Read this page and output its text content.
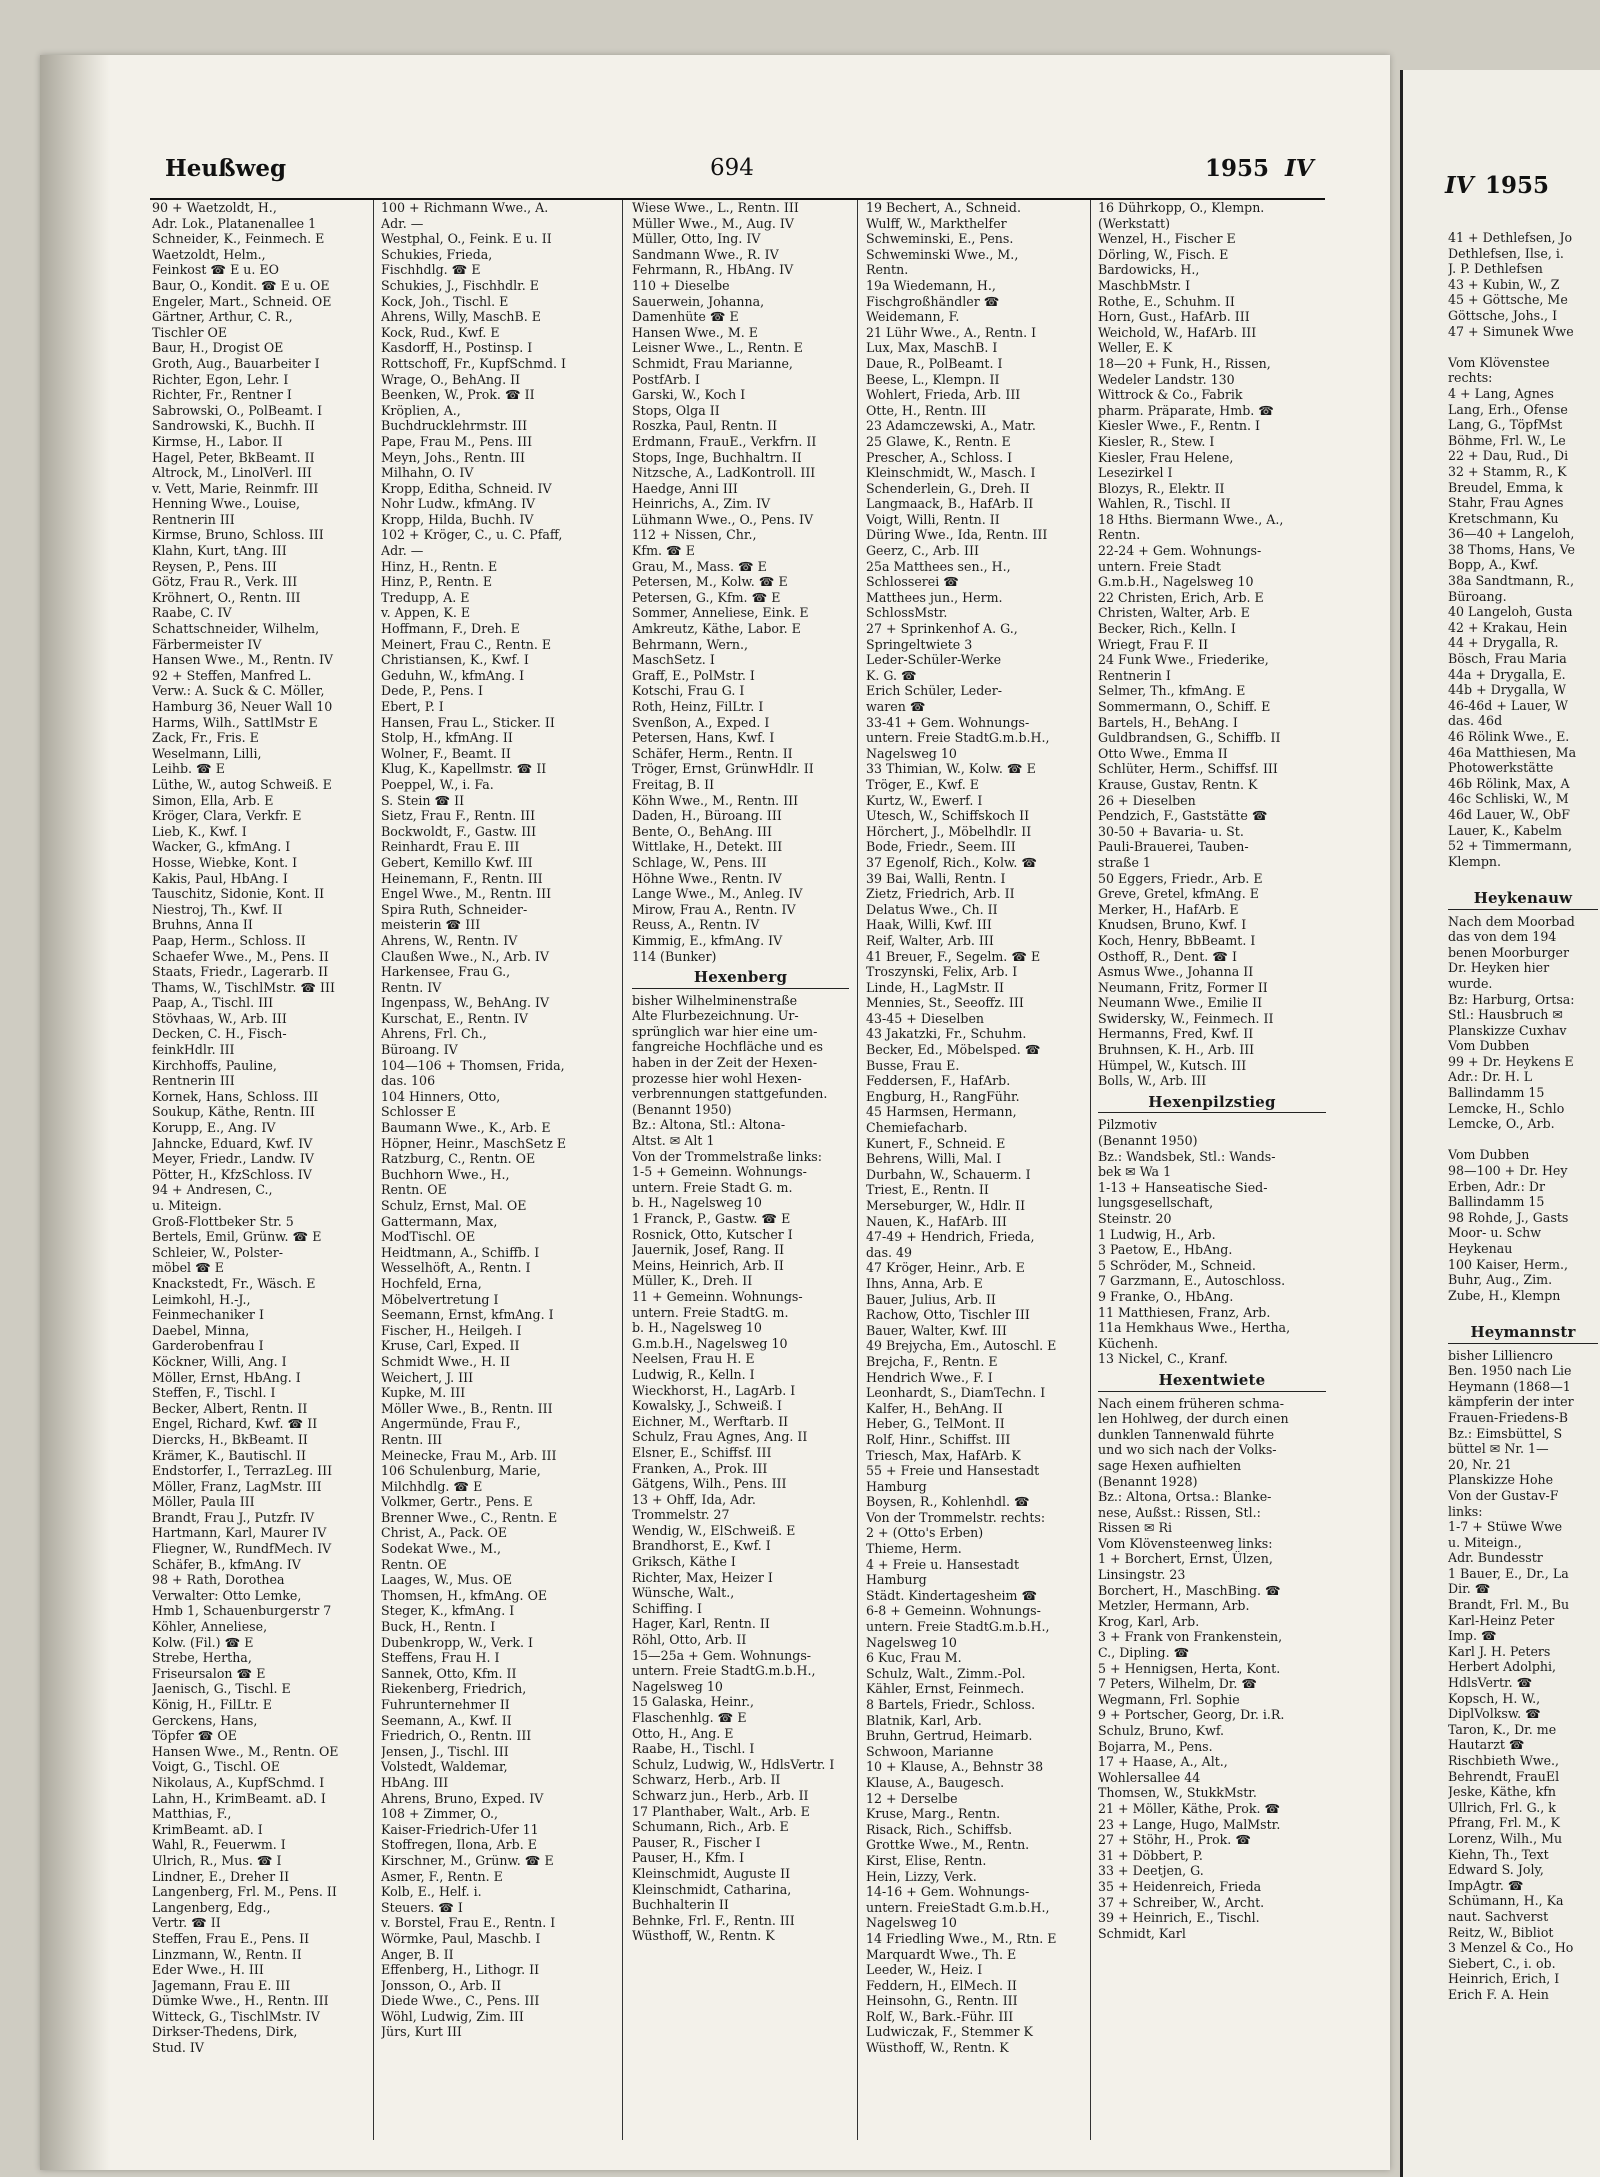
Heußweg	694	1955 IV
IV 1955
90 + Waetzoldt, H.,
Adr. Lok., Platanenallee 1
Schneider, K., Feinmech. E
Waetzoldt, Helm.,
Feinkost ☎ E u. EO
Baur, O., Kondit. ☎ E u. OE
Engeler, Mart., Schneid. OE
Gärtner, Arthur, C. R.,
Tischler OE
Baur, H., Drogist OE
Groth, Aug., Bauarbeiter I
Richter, Egon, Lehr. I
Richter, Fr., Rentner I
Sabrowski, O., PolBeamt. I
Sandrowski, K., Buchh. II
Kirmse, H., Labor. II
Hagel, Peter, BkBeamt. II
Altrock, M., LinolVerl. III
v. Vett, Marie, Reinmfr. III
Henning Wwe., Louise,
Rentnerin III
Kirmse, Bruno, Schloss. III
Klahn, Kurt, tAng. III
Reysen, P., Pens. III
Götz, Frau R., Verk. III
Kröhnert, O., Rentn. III
Raabe, C. IV
Schattschneider, Wilhelm,
Färbermeister IV
Hansen Wwe., M., Rentn. IV
92 + Steffen, Manfred L.
Verw.: A. Suck & C. Möller,
Hamburg 36, Neuer Wall 10
Harms, Wilh., SattlMstr E
Zack, Fr., Fris. E
Weselmann, Lilli,
Leihb. ☎ E
Lüthe, W., autog Schweiß. E
Simon, Ella, Arb. E
Kröger, Clara, Verkfr. E
Lieb, K., Kwf. I
Wacker, G., kfmAng. I
Hosse, Wiebke, Kont. I
Kakis, Paul, HbAng. I
Tauschitz, Sidonie, Kont. II
Niestroj, Th., Kwf. II
Bruhns, Anna II
Paap, Herm., Schloss. II
Schaefer Wwe., M., Pens. II
Staats, Friedr., Lagerarb. II
Thams, W., TischlMstr. ☎ III
Paap, A., Tischl. III
Stövhaas, W., Arb. III
Decken, C. H., Fisch-
feinkHdlr. III
Kirchhoffs, Pauline,
Rentnerin III
Kornek, Hans, Schloss. III
Soukup, Käthe, Rentn. III
Korupp, E., Ang. IV
Jahncke, Eduard, Kwf. IV
Meyer, Friedr., Landw. IV
Pötter, H., KfzSchloss. IV
94 + Andresen, C.,
u. Miteign.
Groß-Flottbeker Str. 5
Bertels, Emil, Grünw. ☎ E
Schleier, W., Polster-
möbel ☎ E
Knackstedt, Fr., Wäsch. E
Leimkohl, H.-J.,
Feinmechaniker I
Daebel, Minna,
Garderobenfrau I
Köckner, Willi, Ang. I
Möller, Ernst, HbAng. I
Steffen, F., Tischl. I
Becker, Albert, Rentn. II
Engel, Richard, Kwf. ☎ II
Diercks, H., BkBeamt. II
Krämer, K., Bautischl. II
Endstorfer, I., TerrazLeg. III
Möller, Franz, LagMstr. III
Möller, Paula III
Brandt, Frau J., Putzfr. IV
Hartmann, Karl, Maurer IV
Fliegner, W., RundfMech. IV
Schäfer, B., kfmAng. IV
98 + Rath, Dorothea
Verwalter: Otto Lemke,
Hmb 1, Schauenburgerstr 7
Köhler, Anneliese,
Kolw. (Fil.) ☎ E
Strebe, Hertha,
Friseursalon ☎ E
Jaenisch, G., Tischl. E
König, H., FilLtr. E
Gerckens, Hans,
Töpfer ☎ OE
Hansen Wwe., M., Rentn. OE
Voigt, G., Tischl. OE
Nikolaus, A., KupfSchmd. I
Lahn, H., KrimBeamt. aD. I
Matthias, F.,
KrimBeamt. aD. I
Wahl, R., Feuerwm. I
Ulrich, R., Mus. ☎ I
Lindner, E., Dreher II
Langenberg, Frl. M., Pens. II
Langenberg, Edg.,
Vertr. ☎ II
Steffen, Frau E., Pens. II
Linzmann, W., Rentn. II
Eder Wwe., H. III
Jagemann, Frau E. III
Dümke Wwe., H., Rentn. III
Witteck, G., TischlMstr. IV
Dirkser-Thedens, Dirk,
Stud. IV
100 + Richmann Wwe., A.
Adr. —
Westphal, O., Feink. E u. II
Schukies, Frieda,
Fischhdlg. ☎ E
Schukies, J., Fischhdlr. E
Kock, Joh., Tischl. E
Ahrens, Willy, MaschB. E
Kock, Rud., Kwf. E
Kasdorff, H., Postinsp. I
Rottschoff, Fr., KupfSchmd. I
Wrage, O., BehAng. II
Beenken, W., Prok. ☎ II
Kröplien, A.,
Buchdrucklehrmstr. III
Pape, Frau M., Pens. III
Meyn, Johs., Rentn. III
Milhahn, O. IV
Kropp, Editha, Schneid. IV
Nohr Ludw., kfmAng. IV
Kropp, Hilda, Buchh. IV
102 + Kröger, C., u. C. Pfaff,
Adr. —
Hinz, H., Rentn. E
Hinz, P., Rentn. E
Tredupp, A. E
v. Appen, K. E
Hoffmann, F., Dreh. E
Meinert, Frau C., Rentn. E
Christiansen, K., Kwf. I
Geduhn, W., kfmAng. I
Dede, P., Pens. I
Ebert, P. I
Hansen, Frau L., Sticker. II
Stolp, H., kfmAng. II
Wolner, F., Beamt. II
Klug, K., Kapellmstr. ☎ II
Poeppel, W., i. Fa.
S. Stein ☎ II
Sietz, Frau F., Rentn. III
Bockwoldt, F., Gastw. III
Reinhardt, Frau E. III
Gebert, Kemillo Kwf. III
Heinemann, F., Rentn. III
Engel Wwe., M., Rentn. III
Spira Ruth, Schneider-
meisterin ☎ III
Ahrens, W., Rentn. IV
Claußen Wwe., N., Arb. IV
Harkensee, Frau G.,
Rentn. IV
Ingenpass, W., BehAng. IV
Kurschat, E., Rentn. IV
Ahrens, Frl. Ch.,
Büroang. IV
104—106 + Thomsen, Frida,
das. 106
104 Hinners, Otto,
Schlosser E
Baumann Wwe., K., Arb. E
Höpner, Heinr., MaschSetz E
Ratzburg, C., Rentn. OE
Buchhorn Wwe., H.,
Rentn. OE
Schulz, Ernst, Mal. OE
Gattermann, Max,
ModTischl. OE
Heidtmann, A., Schiffb. I
Wesselhöft, A., Rentn. I
Hochfeld, Erna,
Möbelvertretung I
Seemann, Ernst, kfmAng. I
Fischer, H., Heilgeh. I
Kruse, Carl, Exped. II
Schmidt Wwe., H. II
Weichert, J. III
Kupke, M. III
Möller Wwe., B., Rentn. III
Angermünde, Frau F.,
Rentn. III
Meinecke, Frau M., Arb. III
106 Schulenburg, Marie,
Milchhdlg. ☎ E
Volkmer, Gertr., Pens. E
Brenner Wwe., C., Rentn. E
Christ, A., Pack. OE
Sodekat Wwe., M.,
Rentn. OE
Laages, W., Mus. OE
Thomsen, H., kfmAng. OE
Steger, K., kfmAng. I
Buck, H., Rentn. I
Dubenkropp, W., Verk. I
Steffens, Frau H. I
Sannek, Otto, Kfm. II
Riekenberg, Friedrich,
Fuhrunternehmer II
Seemann, A., Kwf. II
Friedrich, O., Rentn. III
Jensen, J., Tischl. III
Volstedt, Waldemar,
HbAng. III
Ahrens, Bruno, Exped. IV
108 + Zimmer, O.,
Kaiser-Friedrich-Ufer 11
Stoffregen, Ilona, Arb. E
Kirschner, M., Grünw. ☎ E
Asmer, F., Rentn. E
Kolb, E., Helf. i.
Steuers. ☎ I
v. Borstel, Frau E., Rentn. I
Wörmke, Paul, Maschb. I
Anger, B. II
Effenberg, H., Lithogr. II
Jonsson, O., Arb. II
Diede Wwe., C., Pens. III
Wöhl, Ludwig, Zim. III
Jürs, Kurt III
Wiese Wwe., L., Rentn. III
Müller Wwe., M., Aug. IV
Müller, Otto, Ing. IV
Sandmann Wwe., R. IV
Fehrmann, R., HbAng. IV
110 + Dieselbe
Sauerwein, Johanna,
Damenhüte ☎ E
Hansen Wwe., M. E
Leisner Wwe., L., Rentn. E
Schmidt, Frau Marianne,
PostfArb. I
Garski, W., Koch I
Stops, Olga II
Roszka, Paul, Rentn. II
Erdmann, FrauE., Verkfrn. II
Stops, Inge, Buchhaltrn. II
Nitzsche, A., LadKontroll. III
Haedge, Anni III
Heinrichs, A., Zim. IV
Lühmann Wwe., O., Pens. IV
112 + Nissen, Chr.,
Kfm. ☎ E
Grau, M., Mass. ☎ E
Petersen, M., Kolw. ☎ E
Petersen, G., Kfm. ☎ E
Sommer, Anneliese, Eink. E
Amkreutz, Käthe, Labor. E
Behrmann, Wern.,
MaschSetz. I
Graff, E., PolMstr. I
Kotschi, Frau G. I
Roth, Heinz, FilLtr. I
Svenßon, A., Exped. I
Petersen, Hans, Kwf. I
Schäfer, Herm., Rentn. II
Tröger, Ernst, GrünwHdlr. II
Freitag, B. II
Köhn Wwe., M., Rentn. III
Daden, H., Büroang. III
Bente, O., BehAng. III
Wittlake, H., Detekt. III
Schlage, W., Pens. III
Höhne Wwe., Rentn. IV
Lange Wwe., M., Anleg. IV
Mirow, Frau A., Rentn. IV
Reuss, A., Rentn. IV
Kimmig, E., kfmAng. IV
114 (Bunker)
Hexenberg
bisher Wilhelminenstraße
Alte Flurbezeichnung. Ur-
sprünglich war hier eine um-
fangreiche Hochfläche und es
haben in der Zeit der Hexen-
prozesse hier wohl Hexen-
verbrennungen stattgefunden.
(Benannt 1950)
Bz.: Altona, Stl.: Altona-
Altst. ✉ Alt 1
Von der Trommelstraße links:
1-5 + Gemeinn. Wohnungs-
untern. Freie Stadt G. m.
b. H., Nagelsweg 10
1 Franck, P., Gastw. ☎ E
Rosnick, Otto, Kutscher I
Jauernik, Josef, Rang. II
Meins, Heinrich, Arb. II
Müller, K., Dreh. II
11 + Gemeinn. Wohnungs-
untern. Freie StadtG. m.
b. H., Nagelsweg 10
G.m.b.H., Nagelsweg 10
Neelsen, Frau H. E
Ludwig, R., Kelln. I
Wieckhorst, H., LagArb. I
Kowalsky, J., Schweiß. I
Eichner, M., Werftarb. II
Schulz, Frau Agnes, Ang. II
Elsner, E., Schiffsf. III
Franken, A., Prok. III
Gätgens, Wilh., Pens. III
13 + Ohff, Ida, Adr.
Trommelstr. 27
Wendig, W., ElSchweiß. E
Brandhorst, E., Kwf. I
Griksch, Käthe I
Richter, Max, Heizer I
Wünsche, Walt.,
Schiffing. I
Hager, Karl, Rentn. II
Röhl, Otto, Arb. II
15—25a + Gem. Wohnungs-
untern. Freie StadtG.m.b.H.,
Nagelsweg 10
15 Galaska, Heinr.,
Flaschenhlg. ☎ E
Otto, H., Ang. E
Raabe, H., Tischl. I
Schulz, Ludwig, W., HdlsVertr. I
Schwarz, Herb., Arb. II
Schwarz jun., Herb., Arb. II
17 Planthaber, Walt., Arb. E
Schumann, Rich., Arb. E
Pauser, R., Fischer I
Pauser, H., Kfm. I
Kleinschmidt, Auguste II
Kleinschmidt, Catharina,
Buchhalterin II
Behnke, Frl. F., Rentn. III
Wüsthoff, W., Rentn. K
19 Bechert, A., Schneid.
Wulff, W., Markthelfer
Schweminski, E., Pens.
Schweminski Wwe., M.,
Rentn.
19a Wiedemann, H.,
Fischgroßhändler ☎
Weidemann, F.
21 Lühr Wwe., A., Rentn. I
Lux, Max, MaschB. I
Daue, R., PolBeamt. I
Beese, L., Klempn. II
Wohlert, Frieda, Arb. III
Otte, H., Rentn. III
23 Adamczewski, A., Matr.
25 Glawe, K., Rentn. E
Prescher, A., Schloss. I
Kleinschmidt, W., Masch. I
Schenderlein, G., Dreh. II
Langmaack, B., HafArb. II
Voigt, Willi, Rentn. II
Düring Wwe., Ida, Rentn. III
Geerz, C., Arb. III
25a Matthees sen., H.,
Schlosserei ☎
Matthees jun., Herm.
SchlossMstr.
27 + Sprinkenhof A. G.,
Springeltwiete 3
Leder-Schüler-Werke
K. G. ☎
Erich Schüler, Leder-
waren ☎
33-41 + Gem. Wohnungs-
untern. Freie StadtG.m.b.H.,
Nagelsweg 10
33 Thimian, W., Kolw. ☎ E
Tröger, E., Kwf. E
Kurtz, W., Ewerf. I
Utesch, W., Schiffskoch II
Hörchert, J., Möbelhdlr. II
Bode, Friedr., Seem. III
37 Egenolf, Rich., Kolw. ☎
39 Bai, Walli, Rentn. I
Zietz, Friedrich, Arb. II
Delatus Wwe., Ch. II
Haak, Willi, Kwf. III
Reif, Walter, Arb. III
41 Breuer, F., Segelm. ☎ E
Troszynski, Felix, Arb. I
Linde, H., LagMstr. II
Mennies, St., Seeoffz. III
43-45 + Dieselben
43 Jakatzki, Fr., Schuhm.
Becker, Ed., Möbelsped. ☎
Busse, Frau E.
Feddersen, F., HafArb.
Engburg, H., RangFühr.
45 Harmsen, Hermann,
Chemiefacharb.
Kunert, F., Schneid. E
Behrens, Willi, Mal. I
Durbahn, W., Schauerm. I
Triest, E., Rentn. II
Merseburger, W., Hdlr. II
Nauen, K., HafArb. III
47-49 + Hendrich, Frieda,
das. 49
47 Kröger, Heinr., Arb. E
Ihns, Anna, Arb. E
Bauer, Julius, Arb. II
Rachow, Otto, Tischler III
Bauer, Walter, Kwf. III
49 Brejycha, Em., Autoschl. E
Brejcha, F., Rentn. E
Hendrich Wwe., F. I
Leonhardt, S., DiamTechn. I
Kalfer, H., BehAng. II
Heber, G., TelMont. II
Rolf, Hinr., Schiffst. III
Triesch, Max, HafArb. K
55 + Freie und Hansestadt
Hamburg
Boysen, R., Kohlenhdl. ☎
Von der Trommelstr. rechts:
2 + (Otto's Erben)
Thieme, Herm.
4 + Freie u. Hansestadt
Hamburg
Städt. Kindertagesheim ☎
6-8 + Gemeinn. Wohnungs-
untern. Freie StadtG.m.b.H.,
Nagelsweg 10
6 Kuc, Frau M.
Schulz, Walt., Zimm.-Pol.
Kähler, Ernst, Feinmech.
8 Bartels, Friedr., Schloss.
Blatnik, Karl, Arb.
Bruhn, Gertrud, Heimarb.
Schwoon, Marianne
10 + Klause, A., Behnstr 38
Klause, A., Baugesch.
12 + Derselbe
Kruse, Marg., Rentn.
Risack, Rich., Schiffsb.
Grottke Wwe., M., Rentn.
Kirst, Elise, Rentn.
Hein, Lizzy, Verk.
14-16 + Gem. Wohnungs-
untern. FreieStadt G.m.b.H.,
Nagelsweg 10
14 Friedling Wwe., M., Rtn. E
Marquardt Wwe., Th. E
Leeder, W., Heiz. I
Feddern, H., ElMech. II
Heinsohn, G., Rentn. III
Rolf, W., Bark.-Führ. III
Ludwiczak, F., Stemmer K
Wüsthoff, W., Rentn. K
16 Dührkopp, O., Klempn.
(Werkstatt)
Wenzel, H., Fischer E
Dörling, W., Fisch. E
Bardowicks, H.,
MaschbMstr. I
Rothe, E., Schuhm. II
Horn, Gust., HafArb. III
Weichold, W., HafArb. III
Weller, E. K
18—20 + Funk, H., Rissen,
Wedeler Landstr. 130
Wittrock & Co., Fabrik
pharm. Präparate, Hmb. ☎
Kiesler Wwe., F., Rentn. I
Kiesler, R., Stew. I
Kiesler, Frau Helene,
Lesezirkel I
Blozys, R., Elektr. II
Wahlen, R., Tischl. II
18 Hths. Biermann Wwe., A.,
Rentn.
22-24 + Gem. Wohnungs-
untern. Freie Stadt
G.m.b.H., Nagelsweg 10
22 Christen, Erich, Arb. E
Christen, Walter, Arb. E
Becker, Rich., Kelln. I
Wriegt, Frau F. II
24 Funk Wwe., Friederike,
Rentnerin I
Selmer, Th., kfmAng. E
Sommermann, O., Schiff. E
Bartels, H., BehAng. I
Guldbrandsen, G., Schiffb. II
Otto Wwe., Emma II
Schlüter, Herm., Schiffsf. III
Krause, Gustav, Rentn. K
26 + Dieselben
Pendzich, F., Gaststätte ☎
30-50 + Bavaria- u. St.
Pauli-Brauerei, Tauben-
straße 1
50 Eggers, Friedr., Arb. E
Greve, Gretel, kfmAng. E
Merker, H., HafArb. E
Knudsen, Bruno, Kwf. I
Koch, Henry, BbBeamt. I
Osthoff, R., Dent. ☎ I
Asmus Wwe., Johanna II
Neumann, Fritz, Former II
Neumann Wwe., Emilie II
Swidersky, W., Feinmech. II
Hermanns, Fred, Kwf. II
Bruhnsen, K. H., Arb. III
Hümpel, W., Kutsch. III
Bolls, W., Arb. III
Hexenpilzstieg
Pilzmotiv
(Benannt 1950)
Bz.: Wandsbek, Stl.: Wands-
bek ✉ Wa 1
1-13 + Hanseatische Sied-
lungsgesellschaft,
Steinstr. 20
1 Ludwig, H., Arb.
3 Paetow, E., HbAng.
5 Schröder, M., Schneid.
7 Garzmann, E., Autoschloss.
9 Franke, O., HbAng.
11 Matthiesen, Franz, Arb.
11a Hemkhaus Wwe., Hertha,
Küchenh.
13 Nickel, C., Kranf.
Hexentwiete
Nach einem früheren schma-
len Hohlweg, der durch einen
dunklen Tannenwald führte
und wo sich nach der Volks-
sage Hexen aufhielten
(Benannt 1928)
Bz.: Altona, Ortsa.: Blanke-
nese, Außst.: Rissen, Stl.:
Rissen ✉ Ri
Vom Klövensteenweg links:
1 + Borchert, Ernst, Ülzen,
Linsingstr. 23
Borchert, H., MaschBing. ☎
Metzler, Hermann, Arb.
Krog, Karl, Arb.
3 + Frank von Frankenstein,
C., Dipling. ☎
5 + Hennigsen, Herta, Kont.
7 Peters, Wilhelm, Dr. ☎
Wegmann, Frl. Sophie
9 + Portscher, Georg, Dr. i.R.
Schulz, Bruno, Kwf.
Bojarra, M., Pens.
17 + Haase, A., Alt.,
Wohlersallee 44
Thomsen, W., StukkMstr.
21 + Möller, Käthe, Prok. ☎
23 + Lange, Hugo, MalMstr.
27 + Stöhr, H., Prok. ☎
31 + Döbbert, P.
33 + Deetjen, G.
35 + Heidenreich, Frieda
37 + Schreiber, W., Archt.
39 + Heinrich, E., Tischl.
Schmidt, Karl
41 + Dethlefsen, Jo
Dethlefsen, Ilse, i.
J. P. Dethlefsen
43 + Kubin, W., Z
45 + Göttsche, Me
Göttsche, Johs., I
47 + Simunek Wwe

Vom Klövenstee
rechts:
4 + Lang, Agnes
Lang, Erh., Ofense
Lang, G., TöpfMst
Böhme, Frl. W., Le
22 + Dau, Rud., Di
32 + Stamm, R., K
Breudel, Emma, k
Stahr, Frau Agnes
Kretschmann, Ku
36—40 + Langeloh,
38 Thoms, Hans, Ve
Bopp, A., Kwf.
38a Sandtmann, R.,
Büroang.
40 Langeloh, Gusta
42 + Krakau, Hein
44 + Drygalla, R.
Bösch, Frau Maria
44a + Drygalla, E.
44b + Drygalla, W
46-46d + Lauer, W
das. 46d
46 Rölink Wwe., E.
46a Matthiesen, Ma
Photowerkstätte
46b Rölink, Max, A
46c Schliski, W., M
46d Lauer, W., ObF
Lauer, K., Kabelm
52 + Timmermann,
Klempn.

Heykenauw
Nach dem Moorbad
das von dem 194
benen Moorburger
Dr. Heyken hier
wurde.
Bz: Harburg, Ortsa:
Stl.: Hausbruch ✉
Planskizze Cuxhav
Vom Dubben
99 + Dr. Heykens E
Adr.: Dr. H. L
Ballindamm 15
Lemcke, H., Schlo
Lemcke, O., Arb.

Vom Dubben
98—100 + Dr. Hey
Erben, Adr.: Dr
Ballindamm 15
98 Rohde, J., Gasts
Moor- u. Schw
Heykenau
100 Kaiser, Herm.,
Buhr, Aug., Zim.
Zube, H., Klempn

Heymannstr
bisher Lilliencro
Ben. 1950 nach Lie
Heymann (1868—1
kämpferin der inter
Frauen-Friedens-B
Bz.: Eimsbüttel, S
büttel ✉ Nr. 1—
20, Nr. 21
Planskizze Hohe
Von der Gustav-F
links:
1-7 + Stüwe Wwe
u. Miteign.,
Adr. Bundesstr
1 Bauer, E., Dr., La
Dir. ☎
Brandt, Frl. M., Bu
Karl-Heinz Peter
Imp. ☎
Karl J. H. Peters
Herbert Adolphi,
HdlsVertr. ☎
Kopsch, H. W.,
DiplVolksw. ☎
Taron, K., Dr. me
Hautarzt ☎
Rischbieth Wwe.,
Behrendt, FrauEl
Jeske, Käthe, kfn
Ullrich, Frl. G., k
Pfrang, Frl. M., K
Lorenz, Wilh., Mu
Kiehn, Th., Text
Edward S. Joly,
ImpAgtr. ☎
Schümann, H., Ka
naut. Sachverst
Reitz, W., Bibliot
3 Menzel & Co., Ho
Siebert, C., i. ob.
Heinrich, Erich, I
Erich F. A. Hein
